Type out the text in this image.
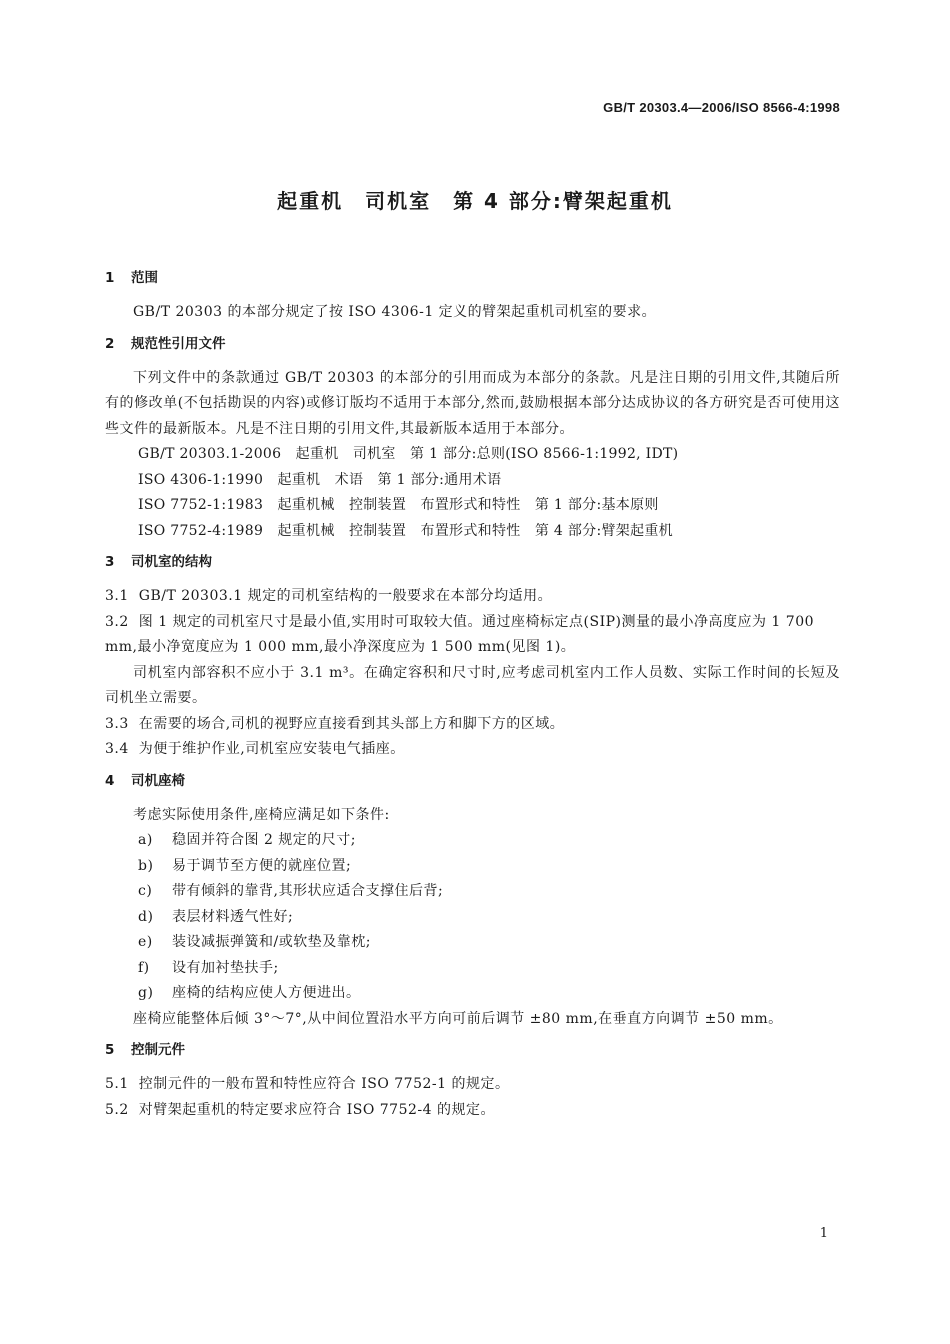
GB/T 20303.4—2006/ISO 8566-4:1998
起重机　司机室　第 4 部分:臂架起重机
1 范围

GB/T 20303 的本部分规定了按 ISO 4306-1 定义的臂架起重机司机室的要求。

2 规范性引用文件

下列文件中的条款通过 GB/T 20303 的本部分的引用而成为本部分的条款。凡是注日期的引用文件,其随后所有的修改单(不包括勘误的内容)或修订版均不适用于本部分,然而,鼓励根据本部分达成协议的各方研究是否可使用这些文件的最新版本。凡是不注日期的引用文件,其最新版本适用于本部分。

GB/T 20303.1-2006　起重机　司机室　第 1 部分:总则(ISO 8566-1:1992, IDT)
ISO 4306-1:1990　起重机　术语　第 1 部分:通用术语
ISO 7752-1:1983　起重机械　控制装置　布置形式和特性　第 1 部分:基本原则
ISO 7752-4:1989　起重机械　控制装置　布置形式和特性　第 4 部分:臂架起重机
3 司机室的结构
3.1 GB/T 20303.1 规定的司机室结构的一般要求在本部分均适用。
3.2 图 1 规定的司机室尺寸是最小值,实用时可取较大值。通过座椅标定点(SIP)测量的最小净高度应为 1 700 mm,最小净宽度应为 1 000 mm,最小净深度应为 1 500 mm(见图 1)。

司机室内部容积不应小于 3.1 m³。在确定容积和尺寸时,应考虑司机室内工作人员数、实际工作时间的长短及司机坐立需要。

3.3 在需要的场合,司机的视野应直接看到其头部上方和脚下方的区域。
3.4 为便于维护作业,司机室应安装电气插座。
4 司机座椅

考虑实际使用条件,座椅应满足如下条件:

a) 稳固并符合图 2 规定的尺寸;
b) 易于调节至方便的就座位置;
c) 带有倾斜的靠背,其形状应适合支撑住后背;
d) 表层材料透气性好;
e) 装设减振弹簧和/或软垫及靠枕;
f) 设有加衬垫扶手;
g) 座椅的结构应使人方便进出。

座椅应能整体后倾 3°～7°,从中间位置沿水平方向可前后调节 ±80 mm,在垂直方向调节 ±50 mm。

5 控制元件
5.1 控制元件的一般布置和特性应符合 ISO 7752-1 的规定。
5.2 对臂架起重机的特定要求应符合 ISO 7752-4 的规定。
1
